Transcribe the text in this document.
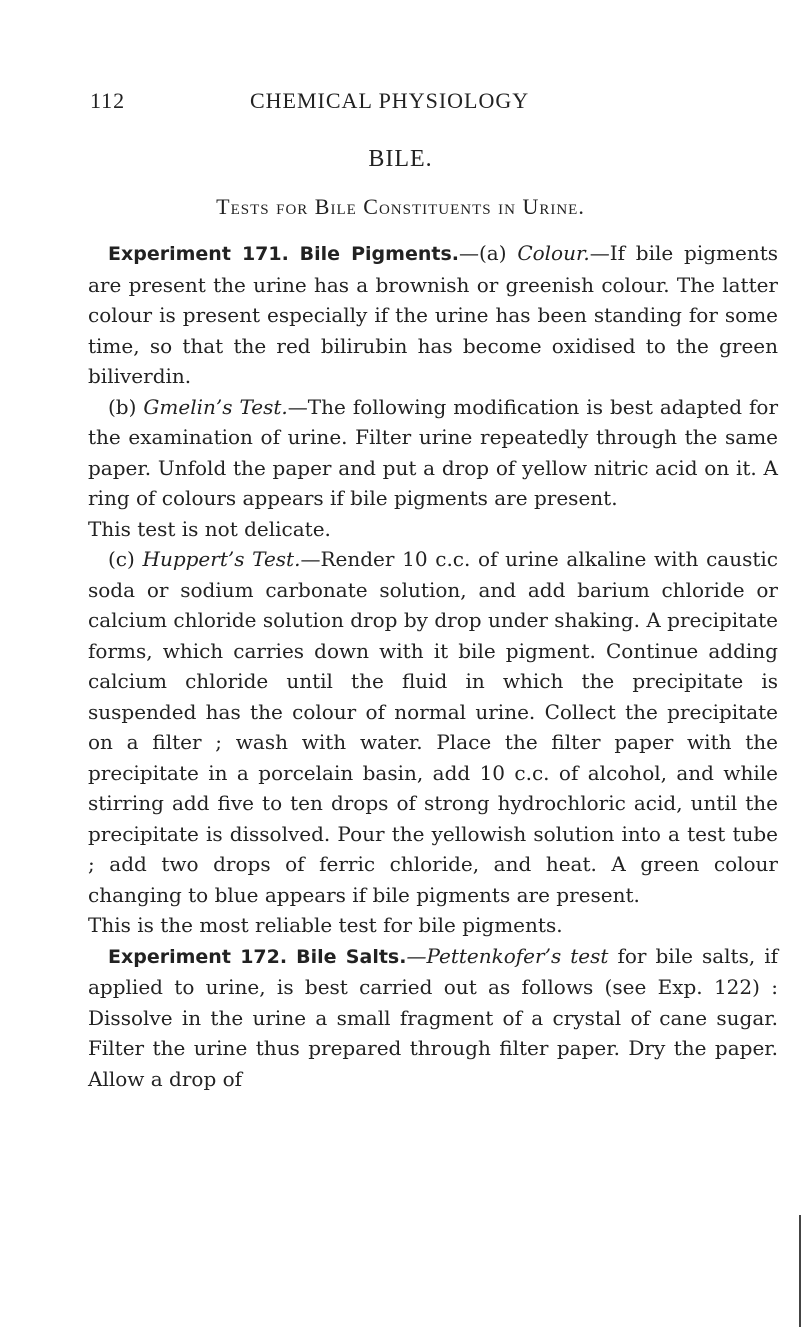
112	CHEMICAL PHYSIOLOGY
BILE.
Tests for Bile Constituents in Urine.

Experiment 171. Bile Pigments.—(a) Colour.—If bile pigments are present the urine has a brownish or greenish colour. The latter colour is present especially if the urine has been standing for some time, so that the red bilirubin has become oxidised to the green biliverdin.

(b) Gmelin’s Test.—The following modification is best adapted for the examination of urine. Filter urine repeatedly through the same paper. Unfold the paper and put a drop of yellow nitric acid on it. A ring of colours appears if bile pigments are present.

This test is not delicate.

(c) Huppert’s Test.—Render 10 c.c. of urine alkaline with caustic soda or sodium carbonate solution, and add barium chloride or calcium chloride solution drop by drop under shaking. A precipitate forms, which carries down with it bile pigment. Continue adding calcium chloride until the fluid in which the precipitate is suspended has the colour of normal urine. Collect the precipitate on a filter ; wash with water. Place the filter paper with the precipitate in a porcelain basin, add 10 c.c. of alcohol, and while stirring add five to ten drops of strong hydrochloric acid, until the precipitate is dissolved. Pour the yellowish solution into a test tube ; add two drops of ferric chloride, and heat. A green colour changing to blue appears if bile pigments are present.

This is the most reliable test for bile pigments.

Experiment 172. Bile Salts.—Pettenkofer’s test for bile salts, if applied to urine, is best carried out as follows (see Exp. 122) : Dissolve in the urine a small fragment of a crystal of cane sugar. Filter the urine thus prepared through filter paper. Dry the paper. Allow a drop of
